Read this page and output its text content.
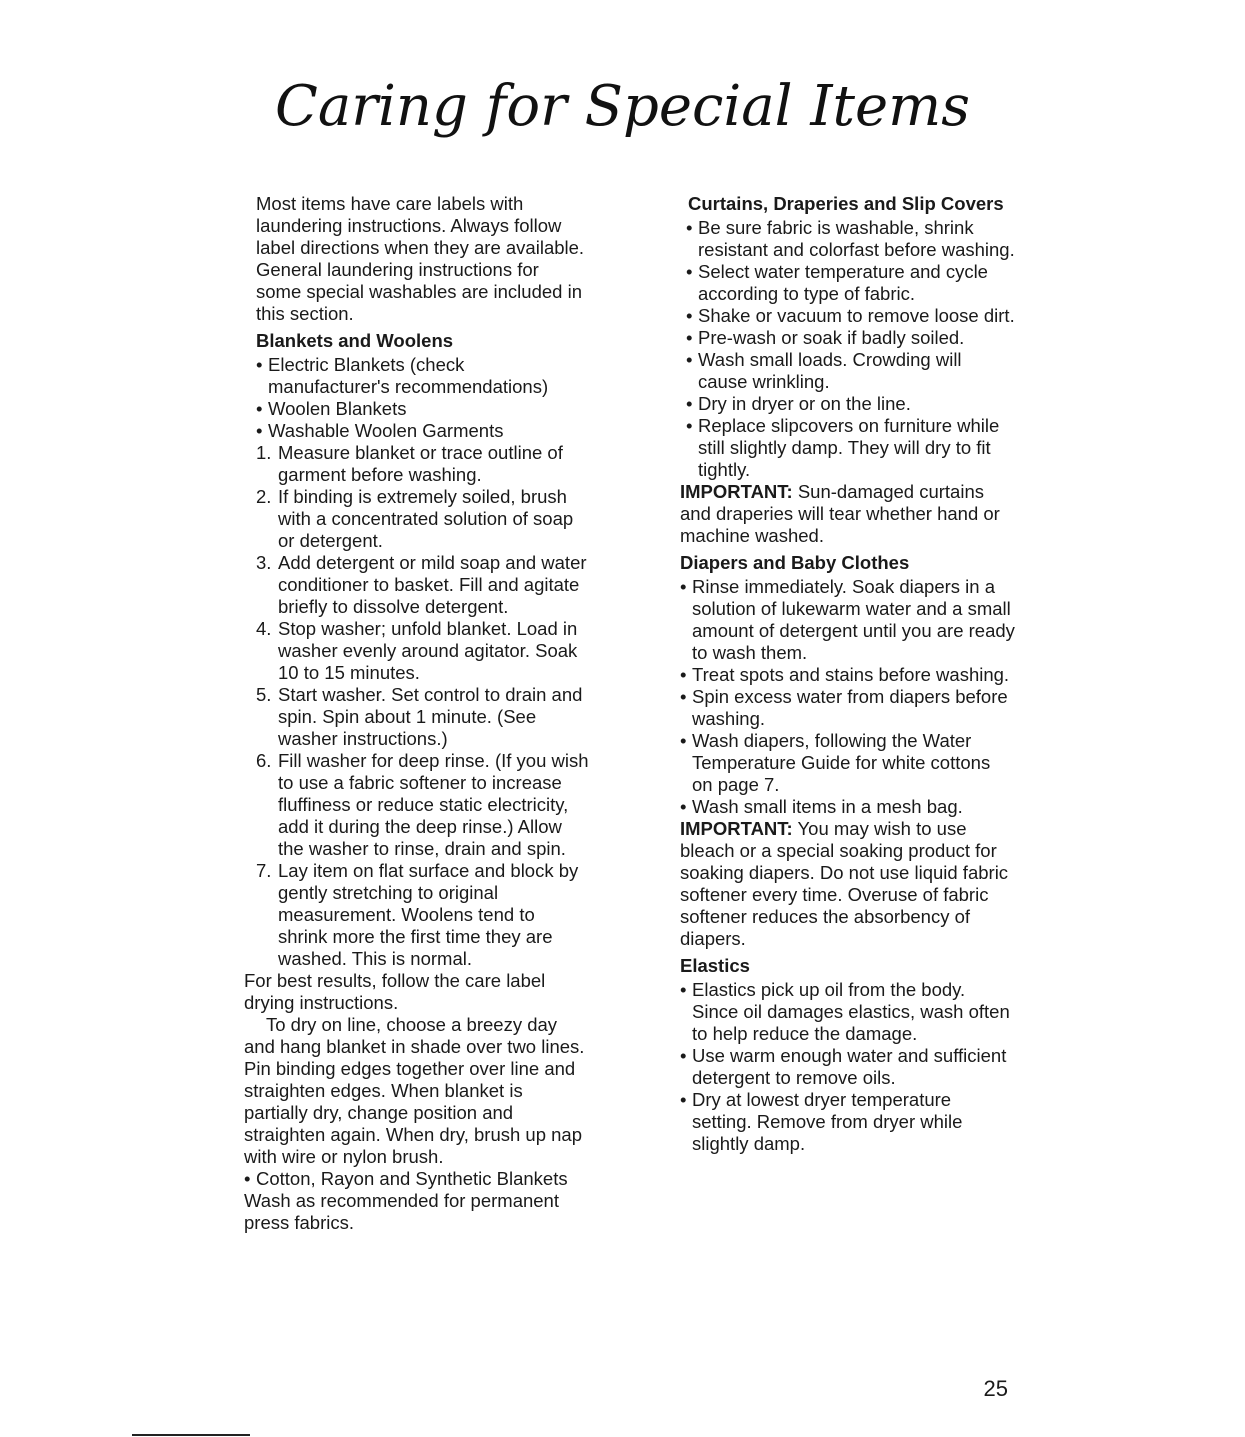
Caring for Special Items

Most items have care labels with laundering instructions. Always follow label directions when they are available. General laundering instructions for some special washables are included in this section.

Blankets and Woolens

• Electric Blankets (check manufacturer's recommendations)
• Woolen Blankets
• Washable Woolen Garments
1. Measure blanket or trace outline of garment before washing.
2. If binding is extremely soiled, brush with a concentrated solution of soap or detergent.
3. Add detergent or mild soap and water conditioner to basket. Fill and agitate briefly to dissolve detergent.
4. Stop washer; unfold blanket. Load in washer evenly around agitator. Soak 10 to 15 minutes.
5. Start washer. Set control to drain and spin. Spin about 1 minute. (See washer instructions.)
6. Fill washer for deep rinse. (If you wish to use a fabric softener to increase fluffiness or reduce static electricity, add it during the deep rinse.) Allow the washer to rinse, drain and spin.
7. Lay item on flat surface and block by gently stretching to original measurement. Woolens tend to shrink more the first time they are washed. This is normal.

For best results, follow the care label drying instructions.

To dry on line, choose a breezy day and hang blanket in shade over two lines. Pin binding edges together over line and straighten edges. When blanket is partially dry, change position and straighten again. When dry, brush up nap with wire or nylon brush.

• Cotton, Rayon and Synthetic Blankets

Wash as recommended for permanent press fabrics.

Curtains, Draperies and Slip Covers

• Be sure fabric is washable, shrink resistant and colorfast before washing.
• Select water temperature and cycle according to type of fabric.
• Shake or vacuum to remove loose dirt.
• Pre-wash or soak if badly soiled.
• Wash small loads. Crowding will cause wrinkling.
• Dry in dryer or on the line.
• Replace slipcovers on furniture while still slightly damp. They will dry to fit tightly.

IMPORTANT: Sun-damaged curtains and draperies will tear whether hand or machine washed.

Diapers and Baby Clothes

• Rinse immediately. Soak diapers in a solution of lukewarm water and a small amount of detergent until you are ready to wash them.
• Treat spots and stains before washing.
• Spin excess water from diapers before washing.
• Wash diapers, following the Water Temperature Guide for white cottons on page 7.
• Wash small items in a mesh bag.

IMPORTANT: You may wish to use bleach or a special soaking product for soaking diapers. Do not use liquid fabric softener every time. Overuse of fabric softener reduces the absorbency of diapers.

Elastics

• Elastics pick up oil from the body. Since oil damages elastics, wash often to help reduce the damage.
• Use warm enough water and sufficient detergent to remove oils.
• Dry at lowest dryer temperature setting. Remove from dryer while slightly damp.
25
